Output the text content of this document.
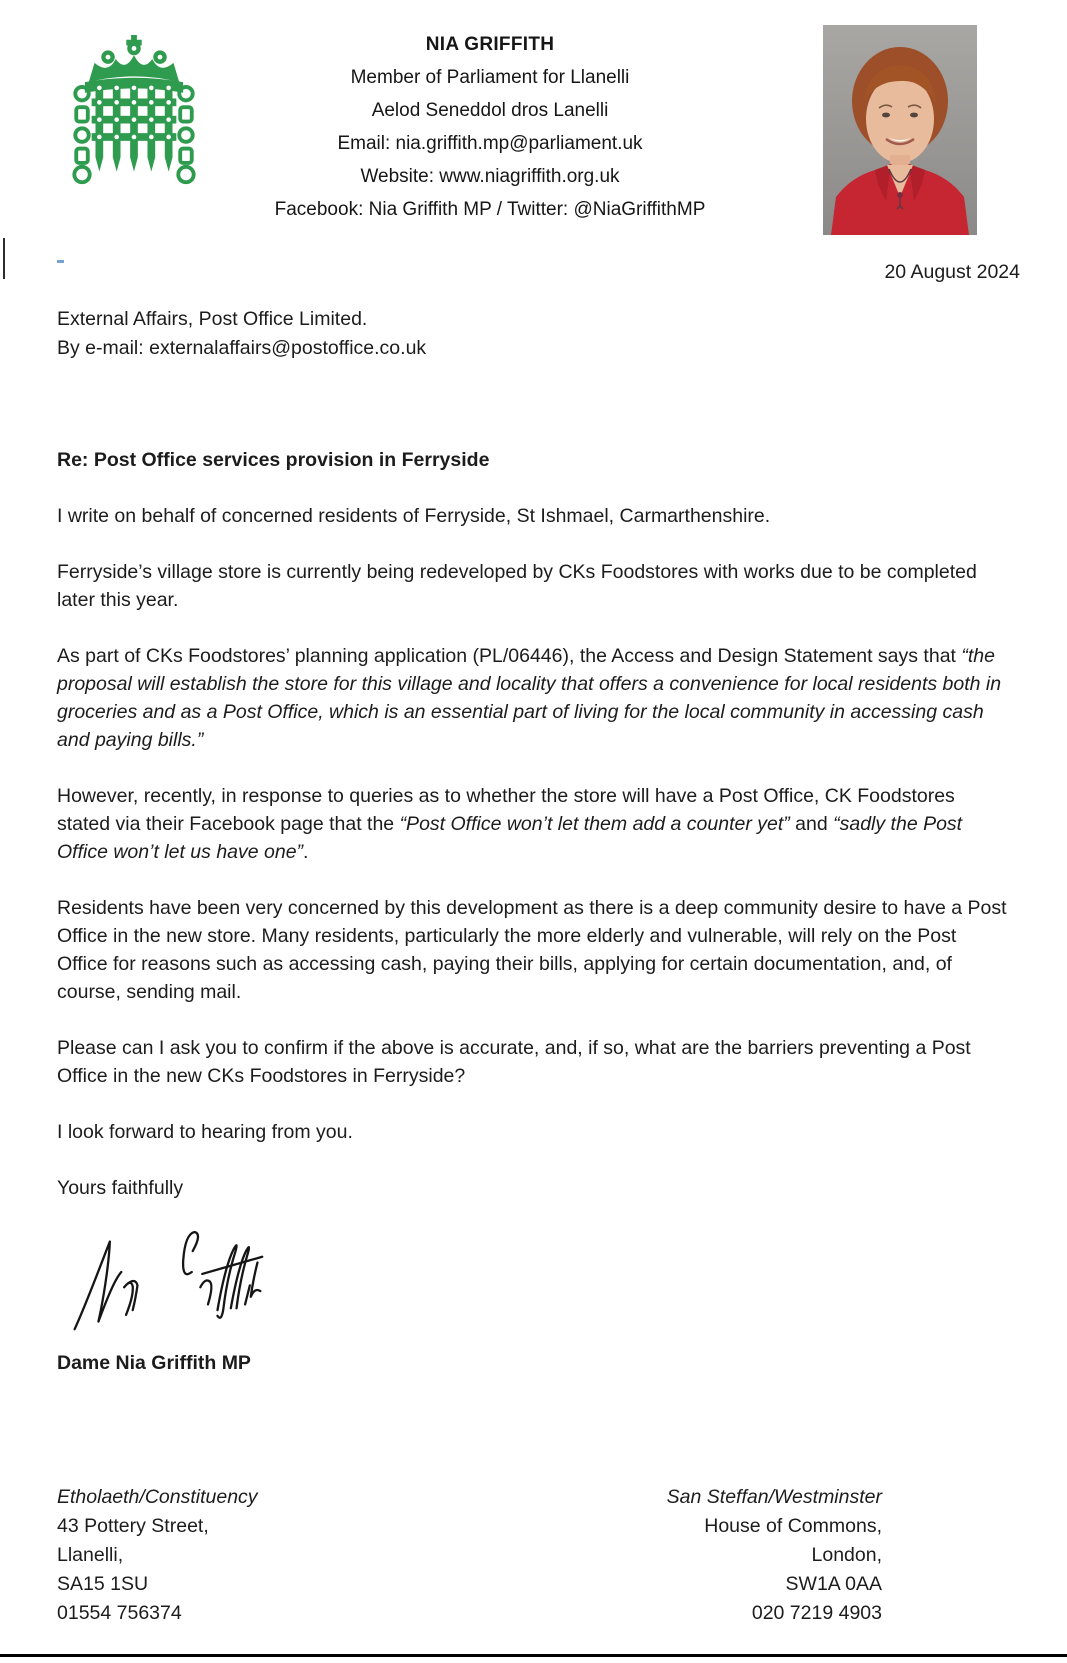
NIA GRIFFITH
Member of Parliament for Llanelli
Aelod Seneddol dros Lanelli
Email: nia.griffith.mp@parliament.uk
Website: www.niagriffith.org.uk
Facebook: Nia Griffith MP / Twitter: @NiaGriffithMP
20 August 2024
External Affairs, Post Office Limited.
By e-mail: externalaffairs@postoffice.co.uk

Re: Post Office services provision in Ferryside

I write on behalf of concerned residents of Ferryside, St Ishmael, Carmarthenshire.

Ferryside’s village store is currently being redeveloped by CKs Foodstores with works due to be completed later this year.

As part of CKs Foodstores’ planning application (PL/06446), the Access and Design Statement says that “the proposal will establish the store for this village and locality that offers a convenience for local residents both in groceries and as a Post Office, which is an essential part of living for the local community in accessing cash and paying bills.”

However, recently, in response to queries as to whether the store will have a Post Office, CK Foodstores stated via their Facebook page that the “Post Office won’t let them add a counter yet” and “sadly the Post Office won’t let us have one”.

Residents have been very concerned by this development as there is a deep community desire to have a Post Office in the new store. Many residents, particularly the more elderly and vulnerable, will rely on the Post Office for reasons such as accessing cash, paying their bills, applying for certain documentation, and, of course, sending mail.

Please can I ask you to confirm if the above is accurate, and, if so, what are the barriers preventing a Post Office in the new CKs Foodstores in Ferryside?

I look forward to hearing from you.

Yours faithfully

Dame Nia Griffith MP

Etholaeth/Constituency
43 Pottery Street,
Llanelli,
SA15 1SU
01554 756374
San Steffan/Westminster
House of Commons,
London,
SW1A 0AA
020 7219 4903
